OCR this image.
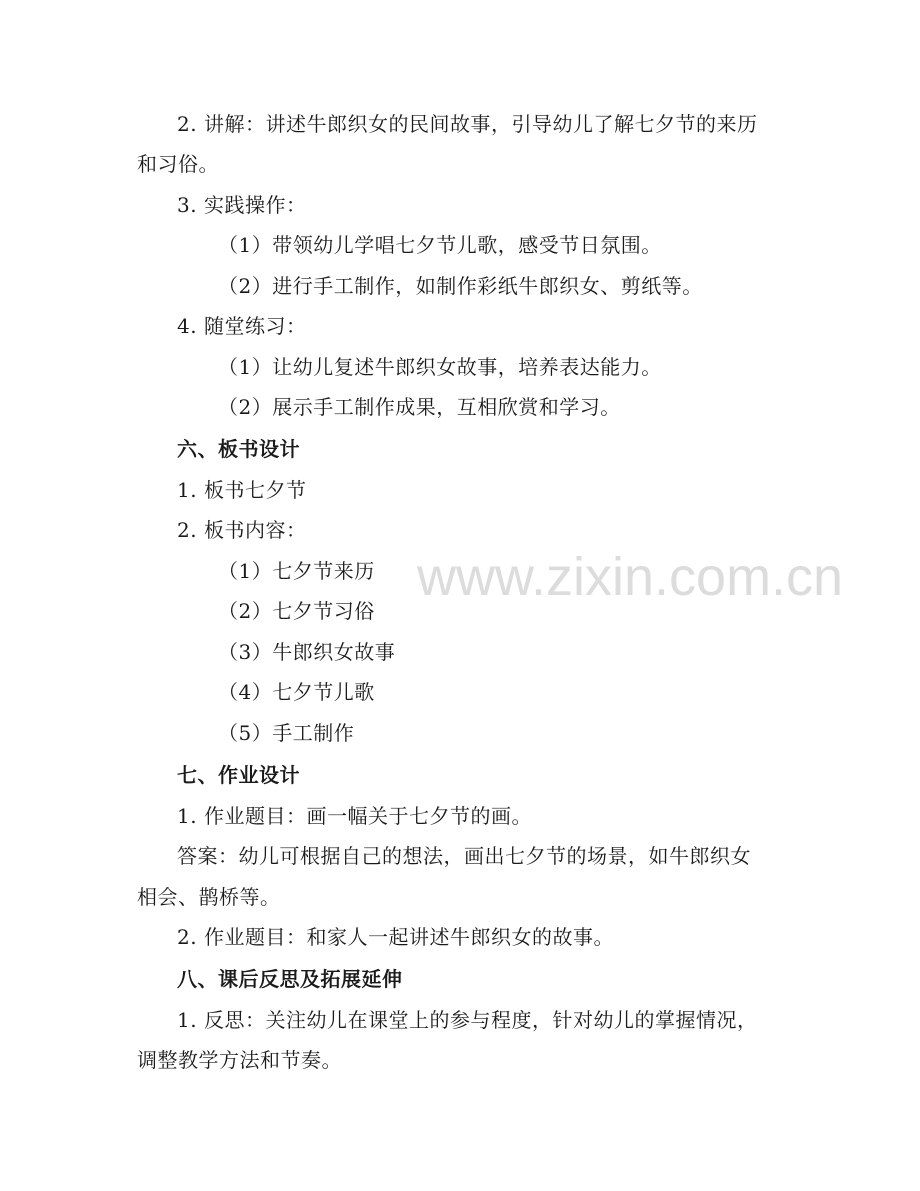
www.zixin.com.cn
2. 讲解：讲述牛郎织女的民间故事，引导幼儿了解七夕节的来历
和习俗。
3. 实践操作：
（1）带领幼儿学唱七夕节儿歌，感受节日氛围。
（2）进行手工制作，如制作彩纸牛郎织女、剪纸等。
4. 随堂练习：
（1）让幼儿复述牛郎织女故事，培养表达能力。
（2）展示手工制作成果，互相欣赏和学习。
六、板书设计
1. 板书七夕节
2. 板书内容：
（1）七夕节来历
（2）七夕节习俗
（3）牛郎织女故事
（4）七夕节儿歌
（5）手工制作
七、作业设计
1. 作业题目：画一幅关于七夕节的画。
答案：幼儿可根据自己的想法，画出七夕节的场景，如牛郎织女
相会、鹊桥等。
2. 作业题目：和家人一起讲述牛郎织女的故事。
八、课后反思及拓展延伸
1. 反思：关注幼儿在课堂上的参与程度，针对幼儿的掌握情况，
调整教学方法和节奏。
